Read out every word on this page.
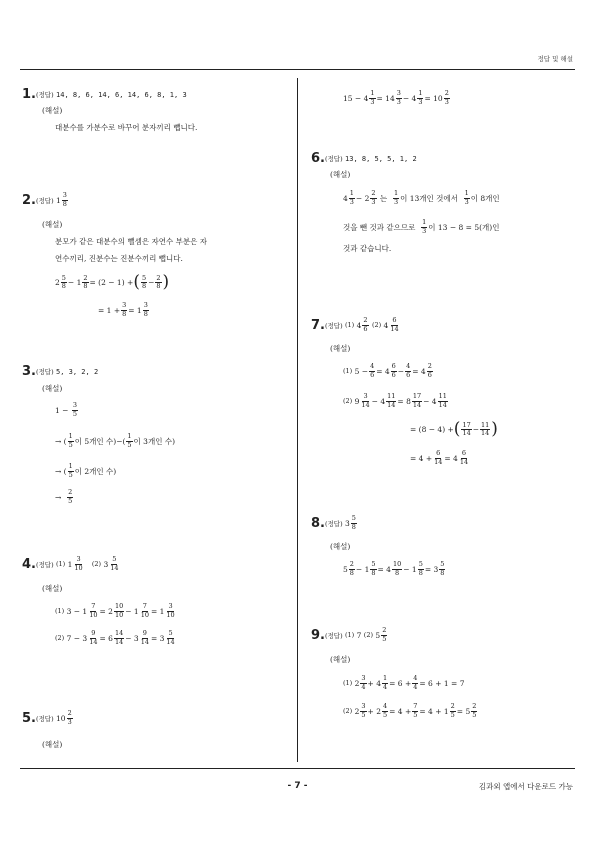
정답 및 해설
- 7 -	김과외 앱에서 다운로드 가능
1. (정답)
14, 8, 6, 14, 6, 14, 6, 8, 1, 3
(해설)
대분수를 가분수로 바꾸어 분자끼리 뺍니다.
2. (정답)
1
3
8
(해설)
분모가 같은 대분수의 뺄셈은 자연수 부분은 자
연수끼리, 진분수는 진분수끼리 뺍니다.
2
5
$8 - 1 \frac{2}{8} = (2 - 1)$ + ( 5
$8 - \frac{2}{8}$ )
= $1 + \frac{3}{8} = 1$
3
8
3. (정답)
5, 3, 2, 2
(해설)
1 −
$\frac{3}{5}$
→ (
1
5 이 5개인 수)−(
1
5 이 3개인 수)
→ (
1
5 이 2개인 수)
→

2
5
4. (정답)
(1)
1
3
10
(2)
3
5
14
(해설)
(1)
$3 - 1 \frac{7}{10} = 2$
10
$10 - 1 \frac{7}{10} = 1$
3
10
(2)
$7 - 3 \frac{9}{14} = 6$
14
$14 - 3 \frac{9}{14} = 3$
5
14
5. (정답)
10
2
3
(해설)
$15 - 4 \frac{1}{3} = 14$
3
$3 - 4 \frac{1}{3} = 10$
2
3
6. (정답)
13, 8, 5, 5, 1, 2
(해설)
4
1
3 − 2
2
3
는

1
3 이 13개인 것에서

1
3 이 8개인
것을 뺀 것과 같으므로

1
3 이 13 − 8 = 5(개)인
것과 같습니다.
7. (정답)
(1)
4
2
6
(2)
4
6
14
(해설)
(1)
$5 - \frac{4}{6} = 4$
6
$6 - \frac{4}{6} = 4$
2
6
(2)
9
3
$14 - 4 \frac{11}{14} = 8$
17
14 − 4
11
14
= (8 − 4) + ( 17
$14 - \frac{11}{14}$ )
= $4 + \frac{6}{14} = 4$
6
14
8. (정답)
3
5
8
(해설)
5
2
$8 - 1 \frac{5}{8} = 4$
10
$8 - 1 \frac{5}{8} = 3$
5
8
9. (정답)
(1)
7
(2)
5
2
5
(해설)
(1)
2
3
$4 + 4 \frac{1}{4} = 6 + \frac{4}{4} = 6 + 1 = 7$
(2)
2
3
$5 + 2 \frac{4}{5} = 4 + \frac{7}{5} = 4 + 1 \frac{2}{5} = 5$
2
5
